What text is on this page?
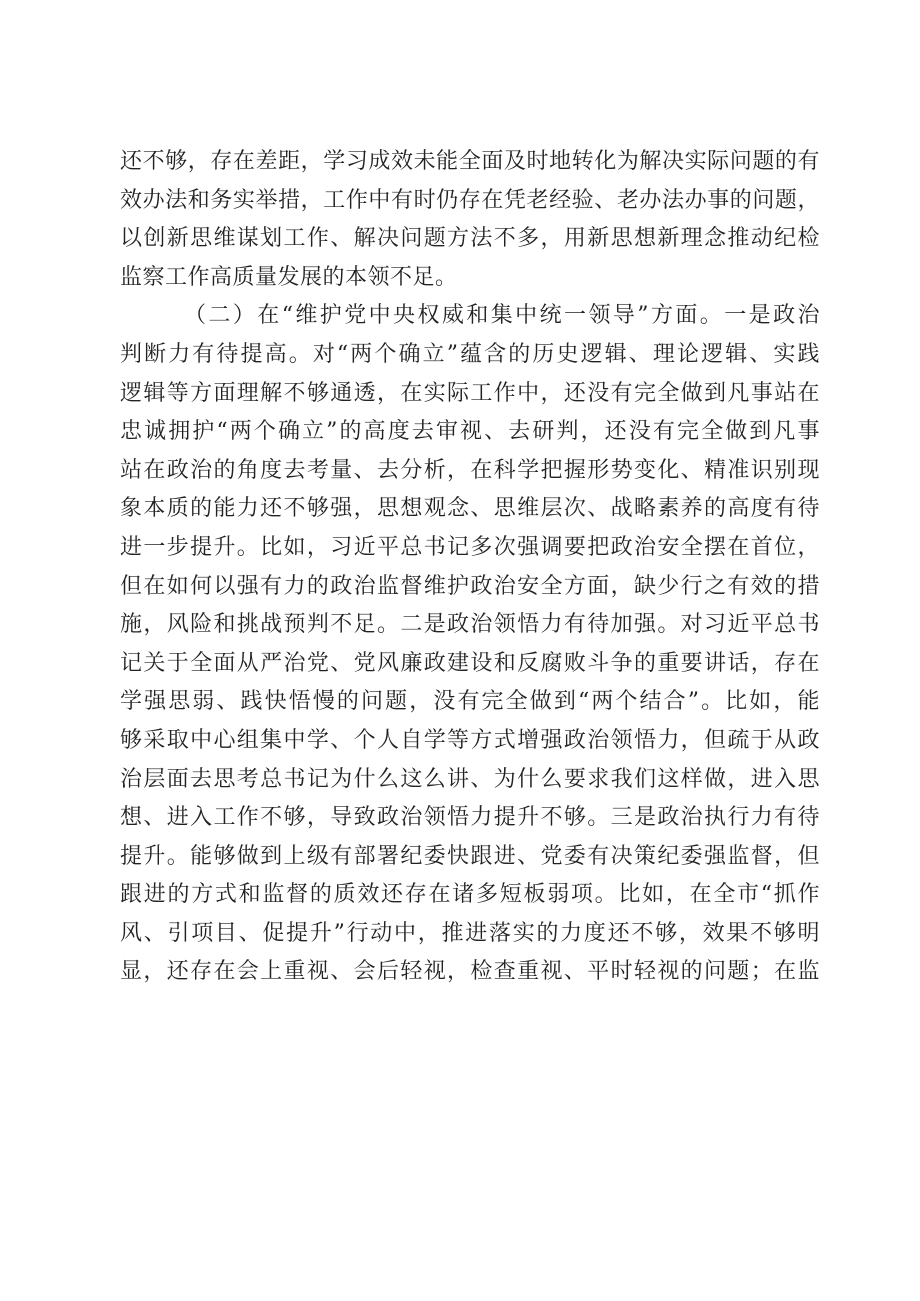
还不够，存在差距，学习成效未能全面及时地转化为解决实际问题的有
效办法和务实举措，工作中有时仍存在凭老经验、老办法办事的问题，
以创新思维谋划工作、解决问题方法不多，用新思想新理念推动纪检
监察工作高质量发展的本领不足。
（二）在“维护党中央权威和集中统一领导”方面。一是政治
判断力有待提高。对“两个确立”蕴含的历史逻辑、理论逻辑、实践
逻辑等方面理解不够通透，在实际工作中，还没有完全做到凡事站在
忠诚拥护“两个确立”的高度去审视、去研判，还没有完全做到凡事
站在政治的角度去考量、去分析，在科学把握形势变化、精准识别现
象本质的能力还不够强，思想观念、思维层次、战略素养的高度有待
进一步提升。比如，习近平总书记多次强调要把政治安全摆在首位，
但在如何以强有力的政治监督维护政治安全方面，缺少行之有效的措
施，风险和挑战预判不足。二是政治领悟力有待加强。对习近平总书
记关于全面从严治党、党风廉政建设和反腐败斗争的重要讲话，存在
学强思弱、践快悟慢的问题，没有完全做到“两个结合”。比如，能
够采取中心组集中学、个人自学等方式增强政治领悟力，但疏于从政
治层面去思考总书记为什么这么讲、为什么要求我们这样做，进入思
想、进入工作不够，导致政治领悟力提升不够。三是政治执行力有待
提升。能够做到上级有部署纪委快跟进、党委有决策纪委强监督，但
跟进的方式和监督的质效还存在诸多短板弱项。比如，在全市“抓作
风、引项目、促提升”行动中，推进落实的力度还不够，效果不够明
显，还存在会上重视、会后轻视，检查重视、平时轻视的问题；在监
